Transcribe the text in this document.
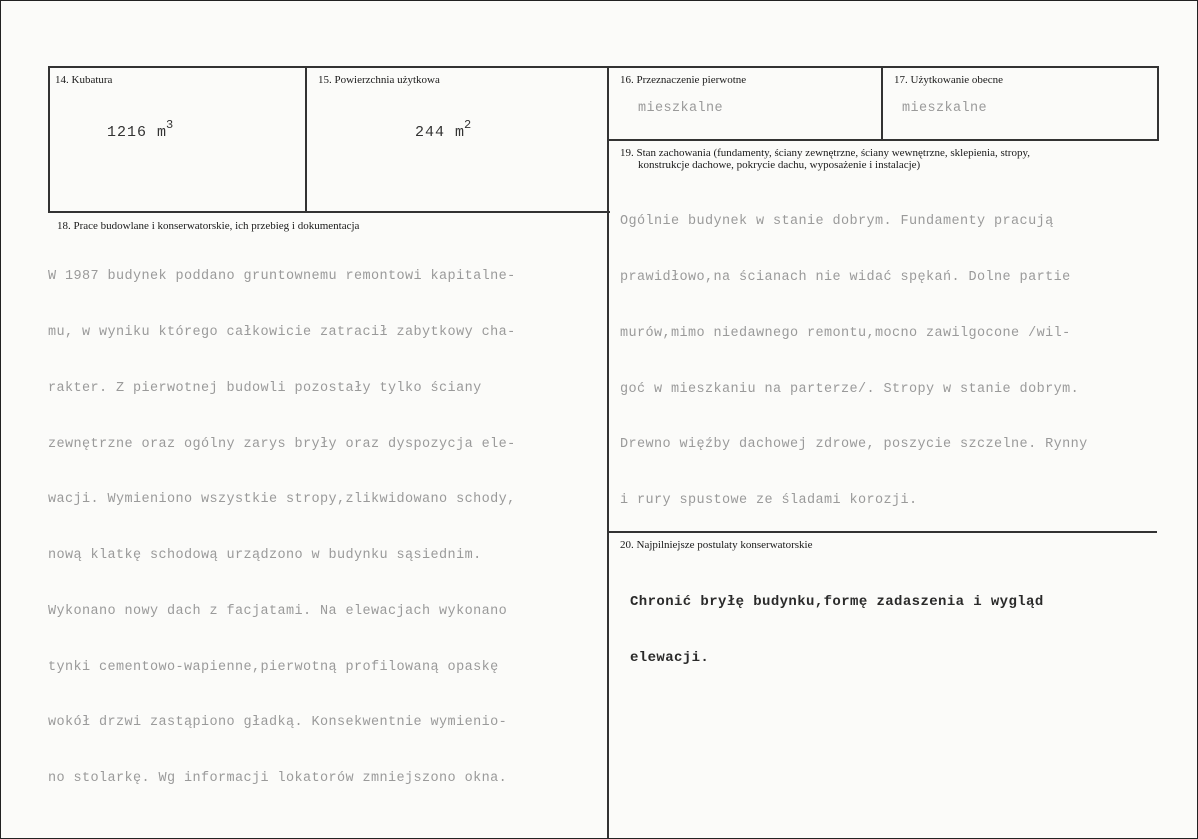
14. Kubatura
1216 $m^3$
15. Powierzchnia użytkowa
244 $m^2$
16. Przeznaczenie pierwotne
mieszkalne
17. Użytkowanie obecne
mieszkalne
18. Prace budowlane i konserwatorskie, ich przebieg i dokumentacja

W 1987 budynek poddano gruntownemu remontowi kapitalne-

mu, w wyniku którego całkowicie zatracił zabytkowy cha-

rakter. Z pierwotnej budowli pozostały tylko ściany

zewnętrzne oraz ogólny zarys bryły oraz dyspozycja ele-

wacji. Wymieniono wszystkie stropy,zlikwidowano schody,

nową klatkę schodową urządzono w budynku sąsiednim.

Wykonano nowy dach z facjatami. Na elewacjach wykonano

tynki cementowo-wapienne,pierwotną profilowaną opaskę

wokół drzwi zastąpiono gładką. Konsekwentnie wymienio-

no stolarkę. Wg informacji lokatorów zmniejszono okna.

19. Stan zachowania (fundamenty, ściany zewnętrzne, ściany wewnętrzne, sklepienia, stropy,
konstrukcje dachowe, pokrycie dachu, wyposażenie i instalacje)

Ogólnie budynek w stanie dobrym. Fundamenty pracują

prawidłowo,na ścianach nie widać spękań. Dolne partie

murów,mimo niedawnego remontu,mocno zawilgocone /wil-

goć w mieszkaniu na parterze/. Stropy w stanie dobrym.

Drewno więźby dachowej zdrowe, poszycie szczelne. Rynny

i rury spustowe ze śladami korozji.

20. Najpilniejsze postulaty konserwatorskie

Chronić bryłę budynku,formę zadaszenia i wygląd

elewacji.
